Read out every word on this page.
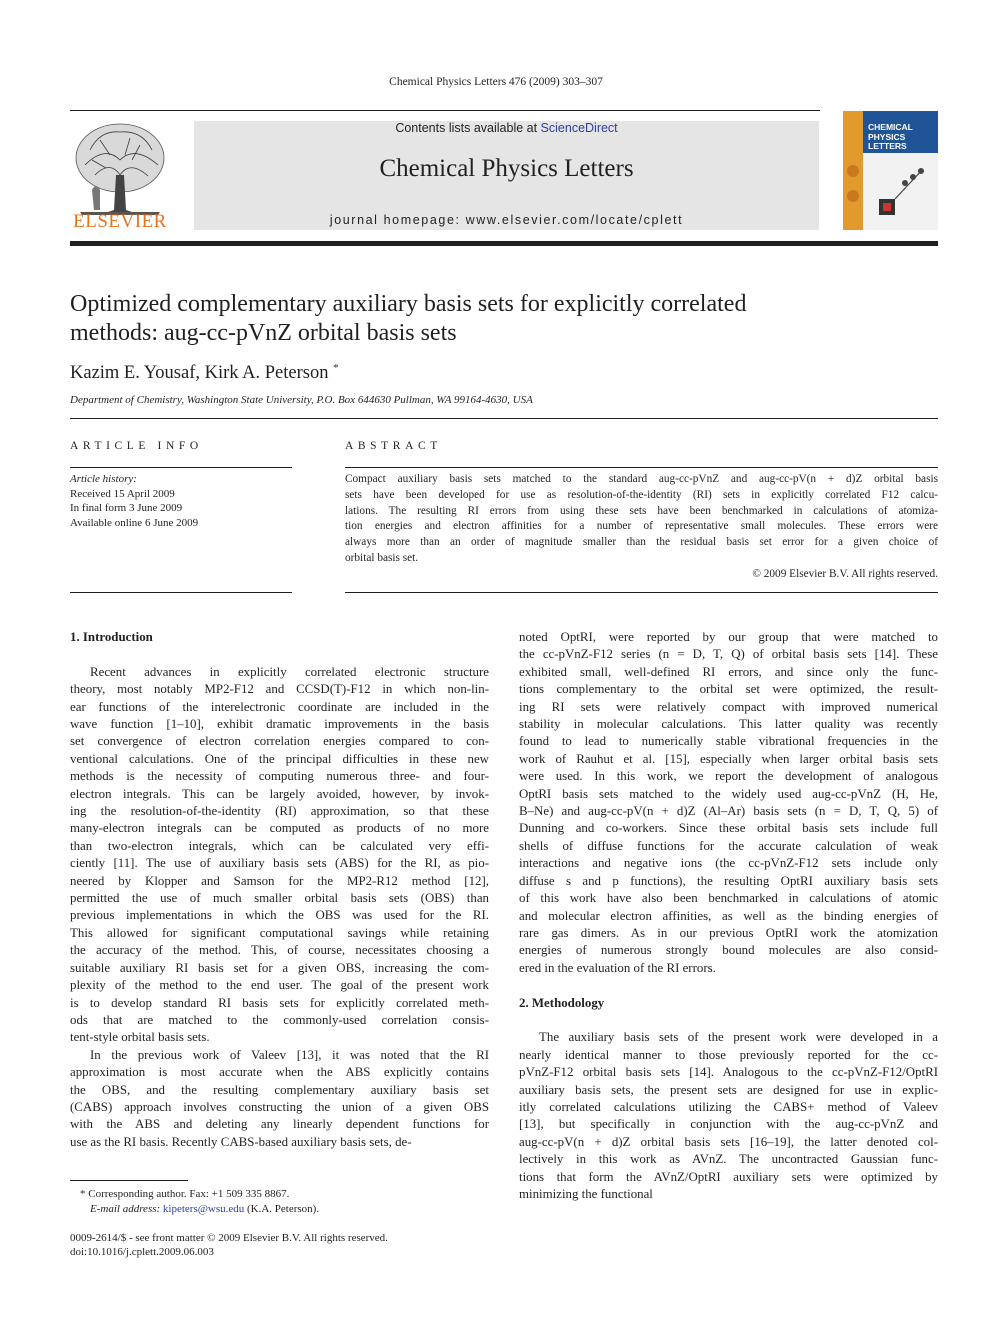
Chemical Physics Letters 476 (2009) 303–307
ELSEVIER
Contents lists available at ScienceDirect
Chemical Physics Letters
journal homepage: www.elsevier.com/locate/cplett
CHEMICAL
PHYSICS
LETTERS
Optimized complementary auxiliary basis sets for explicitly correlated
methods: aug-cc-pVnZ orbital basis sets
Kazim E. Yousaf, Kirk A. Peterson *
Department of Chemistry, Washington State University, P.O. Box 644630 Pullman, WA 99164-4630, USA
ARTICLE INFO	ABSTRACT
Article history:
Received 15 April 2009
In final form 3 June 2009
Available online 6 June 2009
Compact auxiliary basis sets matched to the standard aug-cc-pVnZ and aug-cc-pV(n + d)Z orbital basis
sets have been developed for use as resolution-of-the-identity (RI) sets in explicitly correlated F12 calcu-
lations. The resulting RI errors from using these sets have been benchmarked in calculations of atomiza-
tion energies and electron affinities for a number of representative small molecules. These errors were
always more than an order of magnitude smaller than the residual basis set error for a given choice of
orbital basis set.
© 2009 Elsevier B.V. All rights reserved.
1. Introduction
Recent advances in explicitly correlated electronic structure
theory, most notably MP2-F12 and CCSD(T)-F12 in which non-lin-
ear functions of the interelectronic coordinate are included in the
wave function [1–10], exhibit dramatic improvements in the basis
set convergence of electron correlation energies compared to con-
ventional calculations. One of the principal difficulties in these new
methods is the necessity of computing numerous three- and four-
electron integrals. This can be largely avoided, however, by invok-
ing the resolution-of-the-identity (RI) approximation, so that these
many-electron integrals can be computed as products of no more
than two-electron integrals, which can be calculated very effi-
ciently [11]. The use of auxiliary basis sets (ABS) for the RI, as pio-
neered by Klopper and Samson for the MP2-R12 method [12],
permitted the use of much smaller orbital basis sets (OBS) than
previous implementations in which the OBS was used for the RI.
This allowed for significant computational savings while retaining
the accuracy of the method. This, of course, necessitates choosing a
suitable auxiliary RI basis set for a given OBS, increasing the com-
plexity of the method to the end user. The goal of the present work
is to develop standard RI basis sets for explicitly correlated meth-
ods that are matched to the commonly-used correlation consis-
tent-style orbital basis sets.
In the previous work of Valeev [13], it was noted that the RI
approximation is most accurate when the ABS explicitly contains
the OBS, and the resulting complementary auxiliary basis set
(CABS) approach involves constructing the union of a given OBS
with the ABS and deleting any linearly dependent functions for
use as the RI basis. Recently CABS-based auxiliary basis sets, de-
noted OptRI, were reported by our group that were matched to
the cc-pVnZ-F12 series (n = D, T, Q) of orbital basis sets [14]. These
exhibited small, well-defined RI errors, and since only the func-
tions complementary to the orbital set were optimized, the result-
ing RI sets were relatively compact with improved numerical
stability in molecular calculations. This latter quality was recently
found to lead to numerically stable vibrational frequencies in the
work of Rauhut et al. [15], especially when larger orbital basis sets
were used. In this work, we report the development of analogous
OptRI basis sets matched to the widely used aug-cc-pVnZ (H, He,
B–Ne) and aug-cc-pV(n + d)Z (Al–Ar) basis sets (n = D, T, Q, 5) of
Dunning and co-workers. Since these orbital basis sets include full
shells of diffuse functions for the accurate calculation of weak
interactions and negative ions (the cc-pVnZ-F12 sets include only
diffuse s and p functions), the resulting OptRI auxiliary basis sets
of this work have also been benchmarked in calculations of atomic
and molecular electron affinities, as well as the binding energies of
rare gas dimers. As in our previous OptRI work the atomization
energies of numerous strongly bound molecules are also consid-
ered in the evaluation of the RI errors.
2. Methodology
The auxiliary basis sets of the present work were developed in a
nearly identical manner to those previously reported for the cc-
pVnZ-F12 orbital basis sets [14]. Analogous to the cc-pVnZ-F12/OptRI
auxiliary basis sets, the present sets are designed for use in explic-
itly correlated calculations utilizing the CABS+ method of Valeev
[13], but specifically in conjunction with the aug-cc-pVnZ and
aug-cc-pV(n + d)Z orbital basis sets [16–19], the latter denoted col-
lectively in this work as AVnZ. The uncontracted Gaussian func-
tions that form the AVnZ/OptRI auxiliary sets were optimized by
minimizing the functional
* Corresponding author. Fax: +1 509 335 8867.
E-mail address: kipeters@wsu.edu (K.A. Peterson).
0009-2614/$ - see front matter © 2009 Elsevier B.V. All rights reserved.
doi:10.1016/j.cplett.2009.06.003
